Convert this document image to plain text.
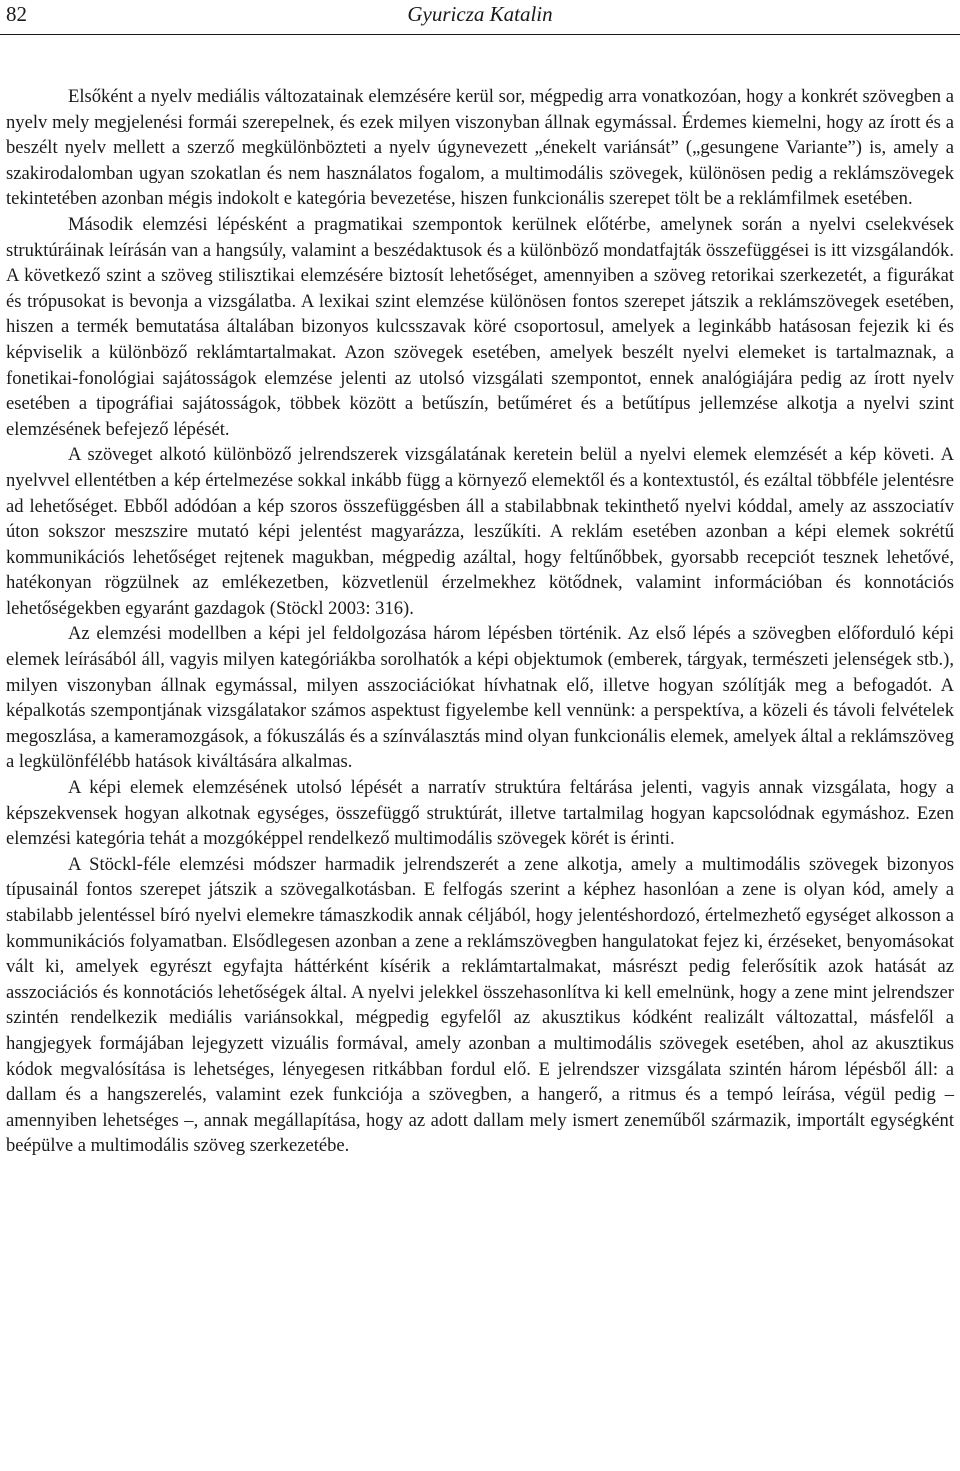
82	Gyuricza Katalin

Elsőként a nyelv mediális változatainak elemzésére kerül sor, mégpedig arra vonatkozóan, hogy a konkrét szövegben a nyelv mely megjelenési formái szerepelnek, és ezek milyen viszonyban állnak egymással. Érdemes kiemelni, hogy az írott és a beszélt nyelv mellett a szerző megkülönbözteti a nyelv úgynevezett „énekelt variánsát” („gesungene Variante”) is, amely a szakirodalomban ugyan szokatlan és nem használatos fogalom, a multimodális szövegek, különösen pedig a reklámszövegek tekintetében azonban mégis indokolt e kategória bevezetése, hiszen funkcionális szerepet tölt be a reklámfilmek esetében.

Második elemzési lépésként a pragmatikai szempontok kerülnek előtérbe, amelynek során a nyelvi cselekvések struktúráinak leírásán van a hangsúly, valamint a beszédaktusok és a különböző mondatfajták összefüggései is itt vizsgálandók. A következő szint a szöveg stilisztikai elemzésére biztosít lehetőséget, amennyiben a szöveg retorikai szerkezetét, a figurákat és trópusokat is bevonja a vizsgálatba. A lexikai szint elemzése különösen fontos szerepet játszik a reklámszövegek esetében, hiszen a termék bemutatása általában bizonyos kulcsszavak köré csoportosul, amelyek a leginkább hatásosan fejezik ki és képviselik a különböző reklámtartalmakat. Azon szövegek esetében, amelyek beszélt nyelvi elemeket is tartalmaznak, a fonetikai-fonológiai sajátosságok elemzése jelenti az utolsó vizsgálati szempontot, ennek analógiájára pedig az írott nyelv esetében a tipográfiai sajátosságok, többek között a betűszín, betűméret és a betűtípus jellemzése alkotja a nyelvi szint elemzésének befejező lépését.

A szöveget alkotó különböző jelrendszerek vizsgálatának keretein belül a nyelvi elemek elemzését a kép követi. A nyelvvel ellentétben a kép értelmezése sokkal inkább függ a környező elemektől és a kontextustól, és ezáltal többféle jelentésre ad lehetőséget. Ebből adódóan a kép szoros összefüggésben áll a stabilabbnak tekinthető nyelvi kóddal, amely az asszociatív úton sokszor meszszire mutató képi jelentést magyarázza, leszűkíti. A reklám esetében azonban a képi elemek sokrétű kommunikációs lehetőséget rejtenek magukban, mégpedig azáltal, hogy feltűnőbbek, gyorsabb recepciót tesznek lehetővé, hatékonyan rögzülnek az emlékezetben, közvetlenül érzelmekhez kötődnek, valamint információban és konnotációs lehetőségekben egyaránt gazdagok (Stöckl 2003: 316).

Az elemzési modellben a képi jel feldolgozása három lépésben történik. Az első lépés a szövegben előforduló képi elemek leírásából áll, vagyis milyen kategóriákba sorolhatók a képi objektumok (emberek, tárgyak, természeti jelenségek stb.), milyen viszonyban állnak egymással, milyen asszociációkat hívhatnak elő, illetve hogyan szólítják meg a befogadót. A képalkotás szempontjának vizsgálatakor számos aspektust figyelembe kell vennünk: a perspektíva, a közeli és távoli felvételek megoszlása, a kameramozgások, a fókuszálás és a színválasztás mind olyan funkcionális elemek, amelyek által a reklámszöveg a legkülönfélébb hatások kiváltására alkalmas.

A képi elemek elemzésének utolsó lépését a narratív struktúra feltárása jelenti, vagyis annak vizsgálata, hogy a képszekvensek hogyan alkotnak egységes, összefüggő struktúrát, illetve tartalmilag hogyan kapcsolódnak egymáshoz. Ezen elemzési kategória tehát a mozgóképpel rendelkező multimodális szövegek körét is érinti.

A Stöckl-féle elemzési módszer harmadik jelrendszerét a zene alkotja, amely a multimodális szövegek bizonyos típusainál fontos szerepet játszik a szövegalkotásban. E felfogás szerint a képhez hasonlóan a zene is olyan kód, amely a stabilabb jelentéssel bíró nyelvi elemekre támaszkodik annak céljából, hogy jelentéshordozó, értelmezhető egységet alkosson a kommunikációs folyamatban. Elsődlegesen azonban a zene a reklámszövegben hangulatokat fejez ki, érzéseket, benyomásokat vált ki, amelyek egyrészt egyfajta háttérként kísérik a reklámtartalmakat, másrészt pedig felerősítik azok hatását az asszociációs és konnotációs lehetőségek által. A nyelvi jelekkel összehasonlítva ki kell emelnünk, hogy a zene mint jelrendszer szintén rendelkezik mediális variánsokkal, mégpedig egyfelől az akusztikus kódként realizált változattal, másfelől a hangjegyek formájában lejegyzett vizuális formával, amely azonban a multimodális szövegek esetében, ahol az akusztikus kódok megvalósítása is lehetséges, lényegesen ritkábban fordul elő. E jelrendszer vizsgálata szintén három lépésből áll: a dallam és a hangszerelés, valamint ezek funkciója a szövegben, a hangerő, a ritmus és a tempó leírása, végül pedig – amennyiben lehetséges –, annak megállapítása, hogy az adott dallam mely ismert zeneműből származik, importált egységként beépülve a multimodális szöveg szerkezetébe.
